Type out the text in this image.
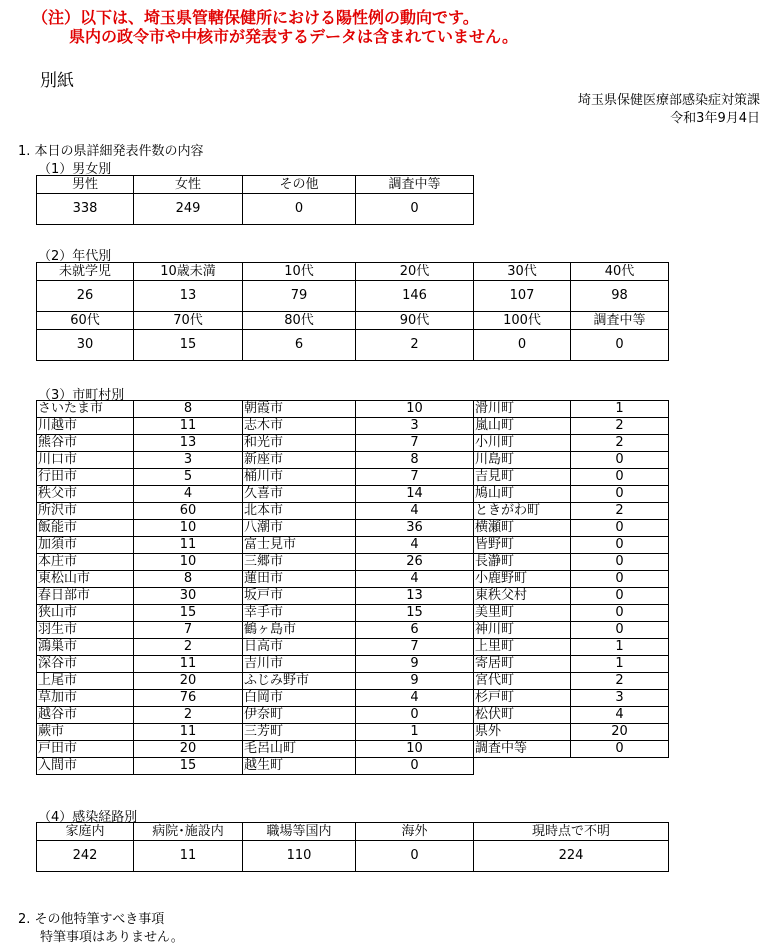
（注）以下は、埼玉県管轄保健所における陽性例の動向です。
県内の政令市や中核市が発表するデータは含まれていません。
別紙
埼玉県保健医療部感染症対策課
令和3年9月4日
1. 本日の県詳細発表件数の内容
（1）男女別
男性	女性	その他	調査中等
338	249	0	0
（2）年代別
未就学児	10歳未満	10代	20代	30代	40代	
26	13	79	146	107	98	
60代	70代	80代	90代	100代	調査中等	
30	15	6	2	0	0	
（3）市町村別
さいたま市	8	朝霞市	10	滑川町	1
川越市	11	志木市	3	嵐山町	2
熊谷市	13	和光市	7	小川町	2
川口市	3	新座市	8	川島町	0
行田市	5	桶川市	7	吉見町	0
秩父市	4	久喜市	14	鳩山町	0
所沢市	60	北本市	4	ときがわ町	2
飯能市	10	八潮市	36	横瀬町	0
加須市	11	富士見市	4	皆野町	0
本庄市	10	三郷市	26	長瀞町	0
東松山市	8	蓮田市	4	小鹿野町	0
春日部市	30	坂戸市	13	東秩父村	0
狭山市	15	幸手市	15	美里町	0
羽生市	7	鶴ヶ島市	6	神川町	0
鴻巣市	2	日高市	7	上里町	1
深谷市	11	吉川市	9	寄居町	1
上尾市	20	ふじみ野市	9	宮代町	2
草加市	76	白岡市	4	杉戸町	3
越谷市	2	伊奈町	0	松伏町	4
蕨市	11	三芳町	1	県外	20
戸田市	20	毛呂山町	10	調査中等	0
入間市	15	越生町	0		
（4）感染経路別
家庭内	病院･施設内	職場等国内	海外	現時点で不明
242	11	110	0	224
2. その他特筆すべき事項
特筆事項はありません。
